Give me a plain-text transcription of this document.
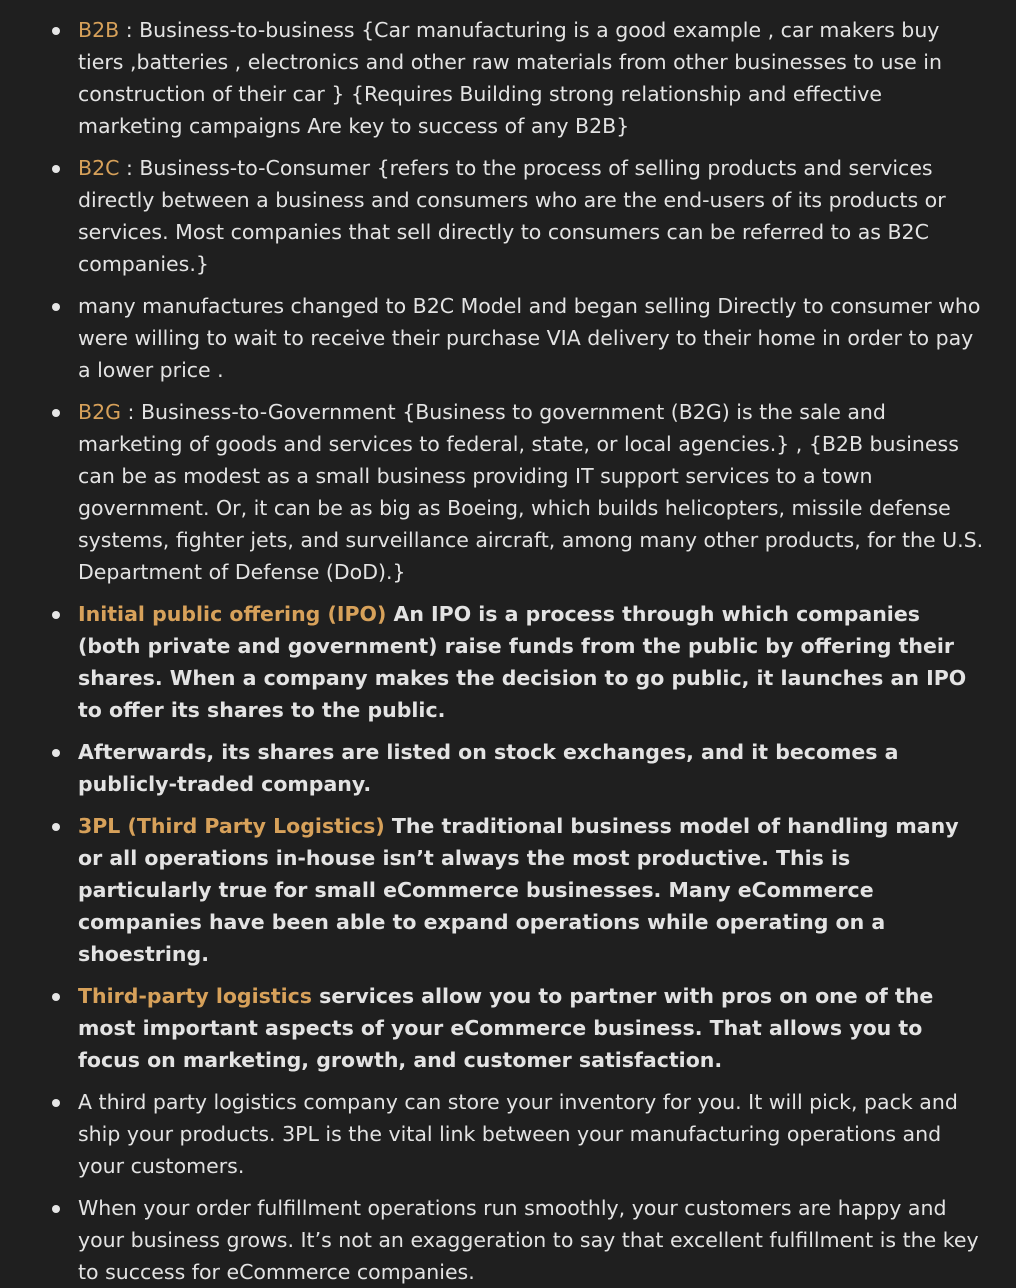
B2B : Business-to-business {Car manufacturing is a good example , car makers buy tiers ,batteries , electronics and other raw materials from other businesses to use in construction of their car } {Requires Building strong relationship and effective marketing campaigns Are key to success of any B2B}
B2C : Business-to-Consumer {refers to the process of selling products and services directly between a business and consumers who are the end-users of its products or services. Most companies that sell directly to consumers can be referred to as B2C companies.}
many manufactures changed to B2C Model and began selling Directly to consumer who were willing to wait to receive their purchase VIA delivery to their home in order to pay a lower price .
B2G : Business-to-Government {Business to government (B2G) is the sale and marketing of goods and services to federal, state, or local agencies.} , {B2B business can be as modest as a small business providing IT support services to a town government. Or, it can be as big as Boeing, which builds helicopters, missile defense systems, fighter jets, and surveillance aircraft, among many other products, for the U.S. Department of Defense (DoD).}
Initial public offering (IPO) An IPO is a process through which companies (both private and government) raise funds from the public by offering their shares. When a company makes the decision to go public, it launches an IPO to offer its shares to the public.
Afterwards, its shares are listed on stock exchanges, and it becomes a publicly-traded company.
3PL (Third Party Logistics) The traditional business model of handling many or all operations in-house isn’t always the most productive. This is particularly true for small eCommerce businesses. Many eCommerce companies have been able to expand operations while operating on a shoestring.
Third-party logistics services allow you to partner with pros on one of the most important aspects of your eCommerce business. That allows you to focus on marketing, growth, and customer satisfaction.
A third party logistics company can store your inventory for you. It will pick, pack and ship your products. 3PL is the vital link between your manufacturing operations and your customers.
When your order fulfillment operations run smoothly, your customers are happy and your business grows. It’s not an exaggeration to say that excellent fulfillment is the key to success for eCommerce companies.
